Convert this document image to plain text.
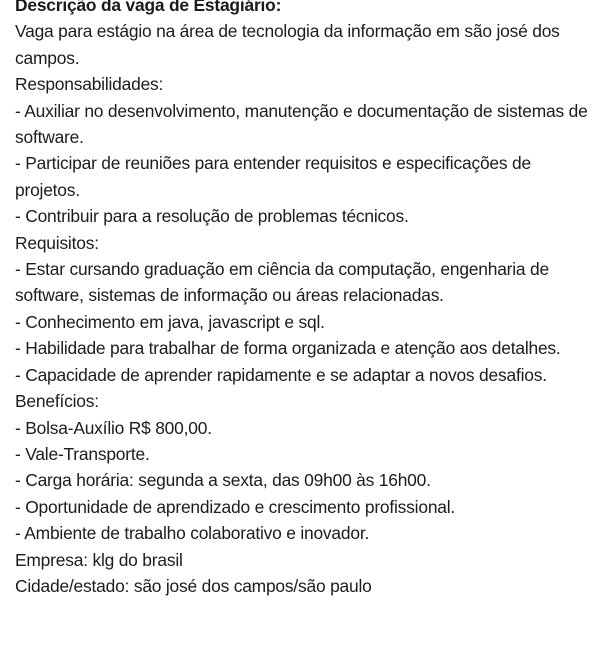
Descrição da vaga de Estagiário:

Vaga para estágio na área de tecnologia da informação em são josé dos campos.

Responsabilidades:

- Auxiliar no desenvolvimento, manutenção e documentação de sistemas de software.

- Participar de reuniões para entender requisitos e especificações de projetos.

- Contribuir para a resolução de problemas técnicos.

Requisitos:

- Estar cursando graduação em ciência da computação, engenharia de software, sistemas de informação ou áreas relacionadas.

- Conhecimento em java, javascript e sql.

- Habilidade para trabalhar de forma organizada e atenção aos detalhes.

- Capacidade de aprender rapidamente e se adaptar a novos desafios.

Benefícios:

- Bolsa-Auxílio R$ 800,00.

- Vale-Transporte.

- Carga horária: segunda a sexta, das 09h00 às 16h00.

- Oportunidade de aprendizado e crescimento profissional.

- Ambiente de trabalho colaborativo e inovador.

Empresa: klg do brasil

Cidade/estado: são josé dos campos/são paulo
